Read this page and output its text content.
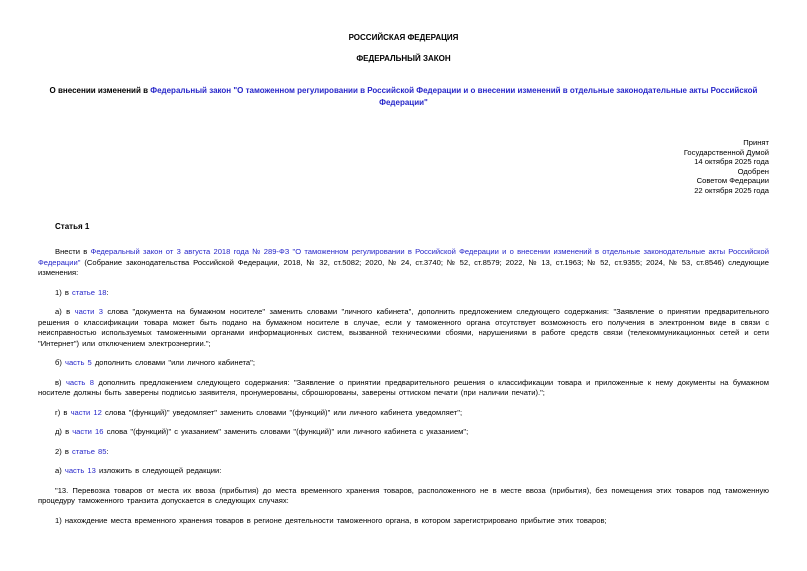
РОССИЙСКАЯ ФЕДЕРАЦИЯ
ФЕДЕРАЛЬНЫЙ ЗАКОН
О внесении изменений в Федеральный закон "О таможенном регулировании в Российской Федерации и о внесении изменений в отдельные законодательные акты Российской Федерации"
Принят
Государственной Думой
14 октября 2025 года
Одобрен
Советом Федерации
22 октября 2025 года
Статья 1

Внести в Федеральный закон от 3 августа 2018 года № 289-ФЗ "О таможенном регулировании в Российской Федерации и о внесении изменений в отдельные законодательные акты Российской Федерации" (Собрание законодательства Российской Федерации, 2018, № 32, ст.5082; 2020, № 24, ст.3740; № 52, ст.8579; 2022, № 13, ст.1963; № 52, ст.9355; 2024, № 53, ст.8546) следующие изменения:

1) в статье 18:

а) в части 3 слова "документа на бумажном носителе" заменить словами "личного кабинета", дополнить предложением следующего содержания: "Заявление о принятии предварительного решения о классификации товара может быть подано на бумажном носителе в случае, если у таможенного органа отсутствует возможность его получения в электронном виде в связи с неисправностью используемых таможенными органами информационных систем, вызванной техническими сбоями, нарушениями в работе средств связи (телекоммуникационных сетей и сети "Интернет") или отключением электроэнергии.";

б) часть 5 дополнить словами "или личного кабинета";

в) часть 8 дополнить предложением следующего содержания: "Заявление о принятии предварительного решения о классификации товара и приложенные к нему документы на бумажном носителе должны быть заверены подписью заявителя, пронумерованы, сброшюрованы, заверены оттиском печати (при наличии печати).";

г) в части 12 слова "(функций)" уведомляет" заменить словами "(функций)" или личного кабинета уведомляет";

д) в части 16 слова "(функций)" с указанием" заменить словами "(функций)" или личного кабинета с указанием";

2) в статье 85:

а) часть 13 изложить в следующей редакции:

"13. Перевозка товаров от места их ввоза (прибытия) до места временного хранения товаров, расположенного не в месте ввоза (прибытия), без помещения этих товаров под таможенную процедуру таможенного транзита допускается в следующих случаях:

1) нахождение места временного хранения товаров в регионе деятельности таможенного органа, в котором зарегистрировано прибытие этих товаров;
